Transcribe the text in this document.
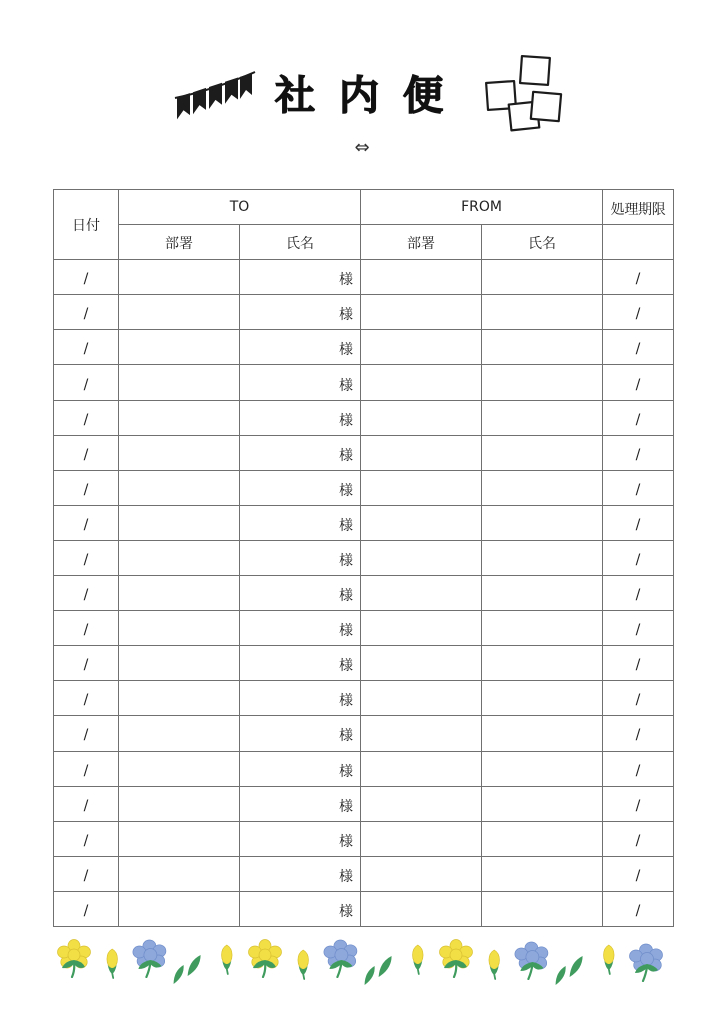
社内便
⇔
日付	TO		FROM		処理期限
	部署	氏名	部署	氏名	
/		様			/
/		様			/
/		様			/
/		様			/
/		様			/
/		様			/
/		様			/
/		様			/
/		様			/
/		様			/
/		様			/
/		様			/
/		様			/
/		様			/
/		様			/
/		様			/
/		様			/
/		様			/
/		様			/
